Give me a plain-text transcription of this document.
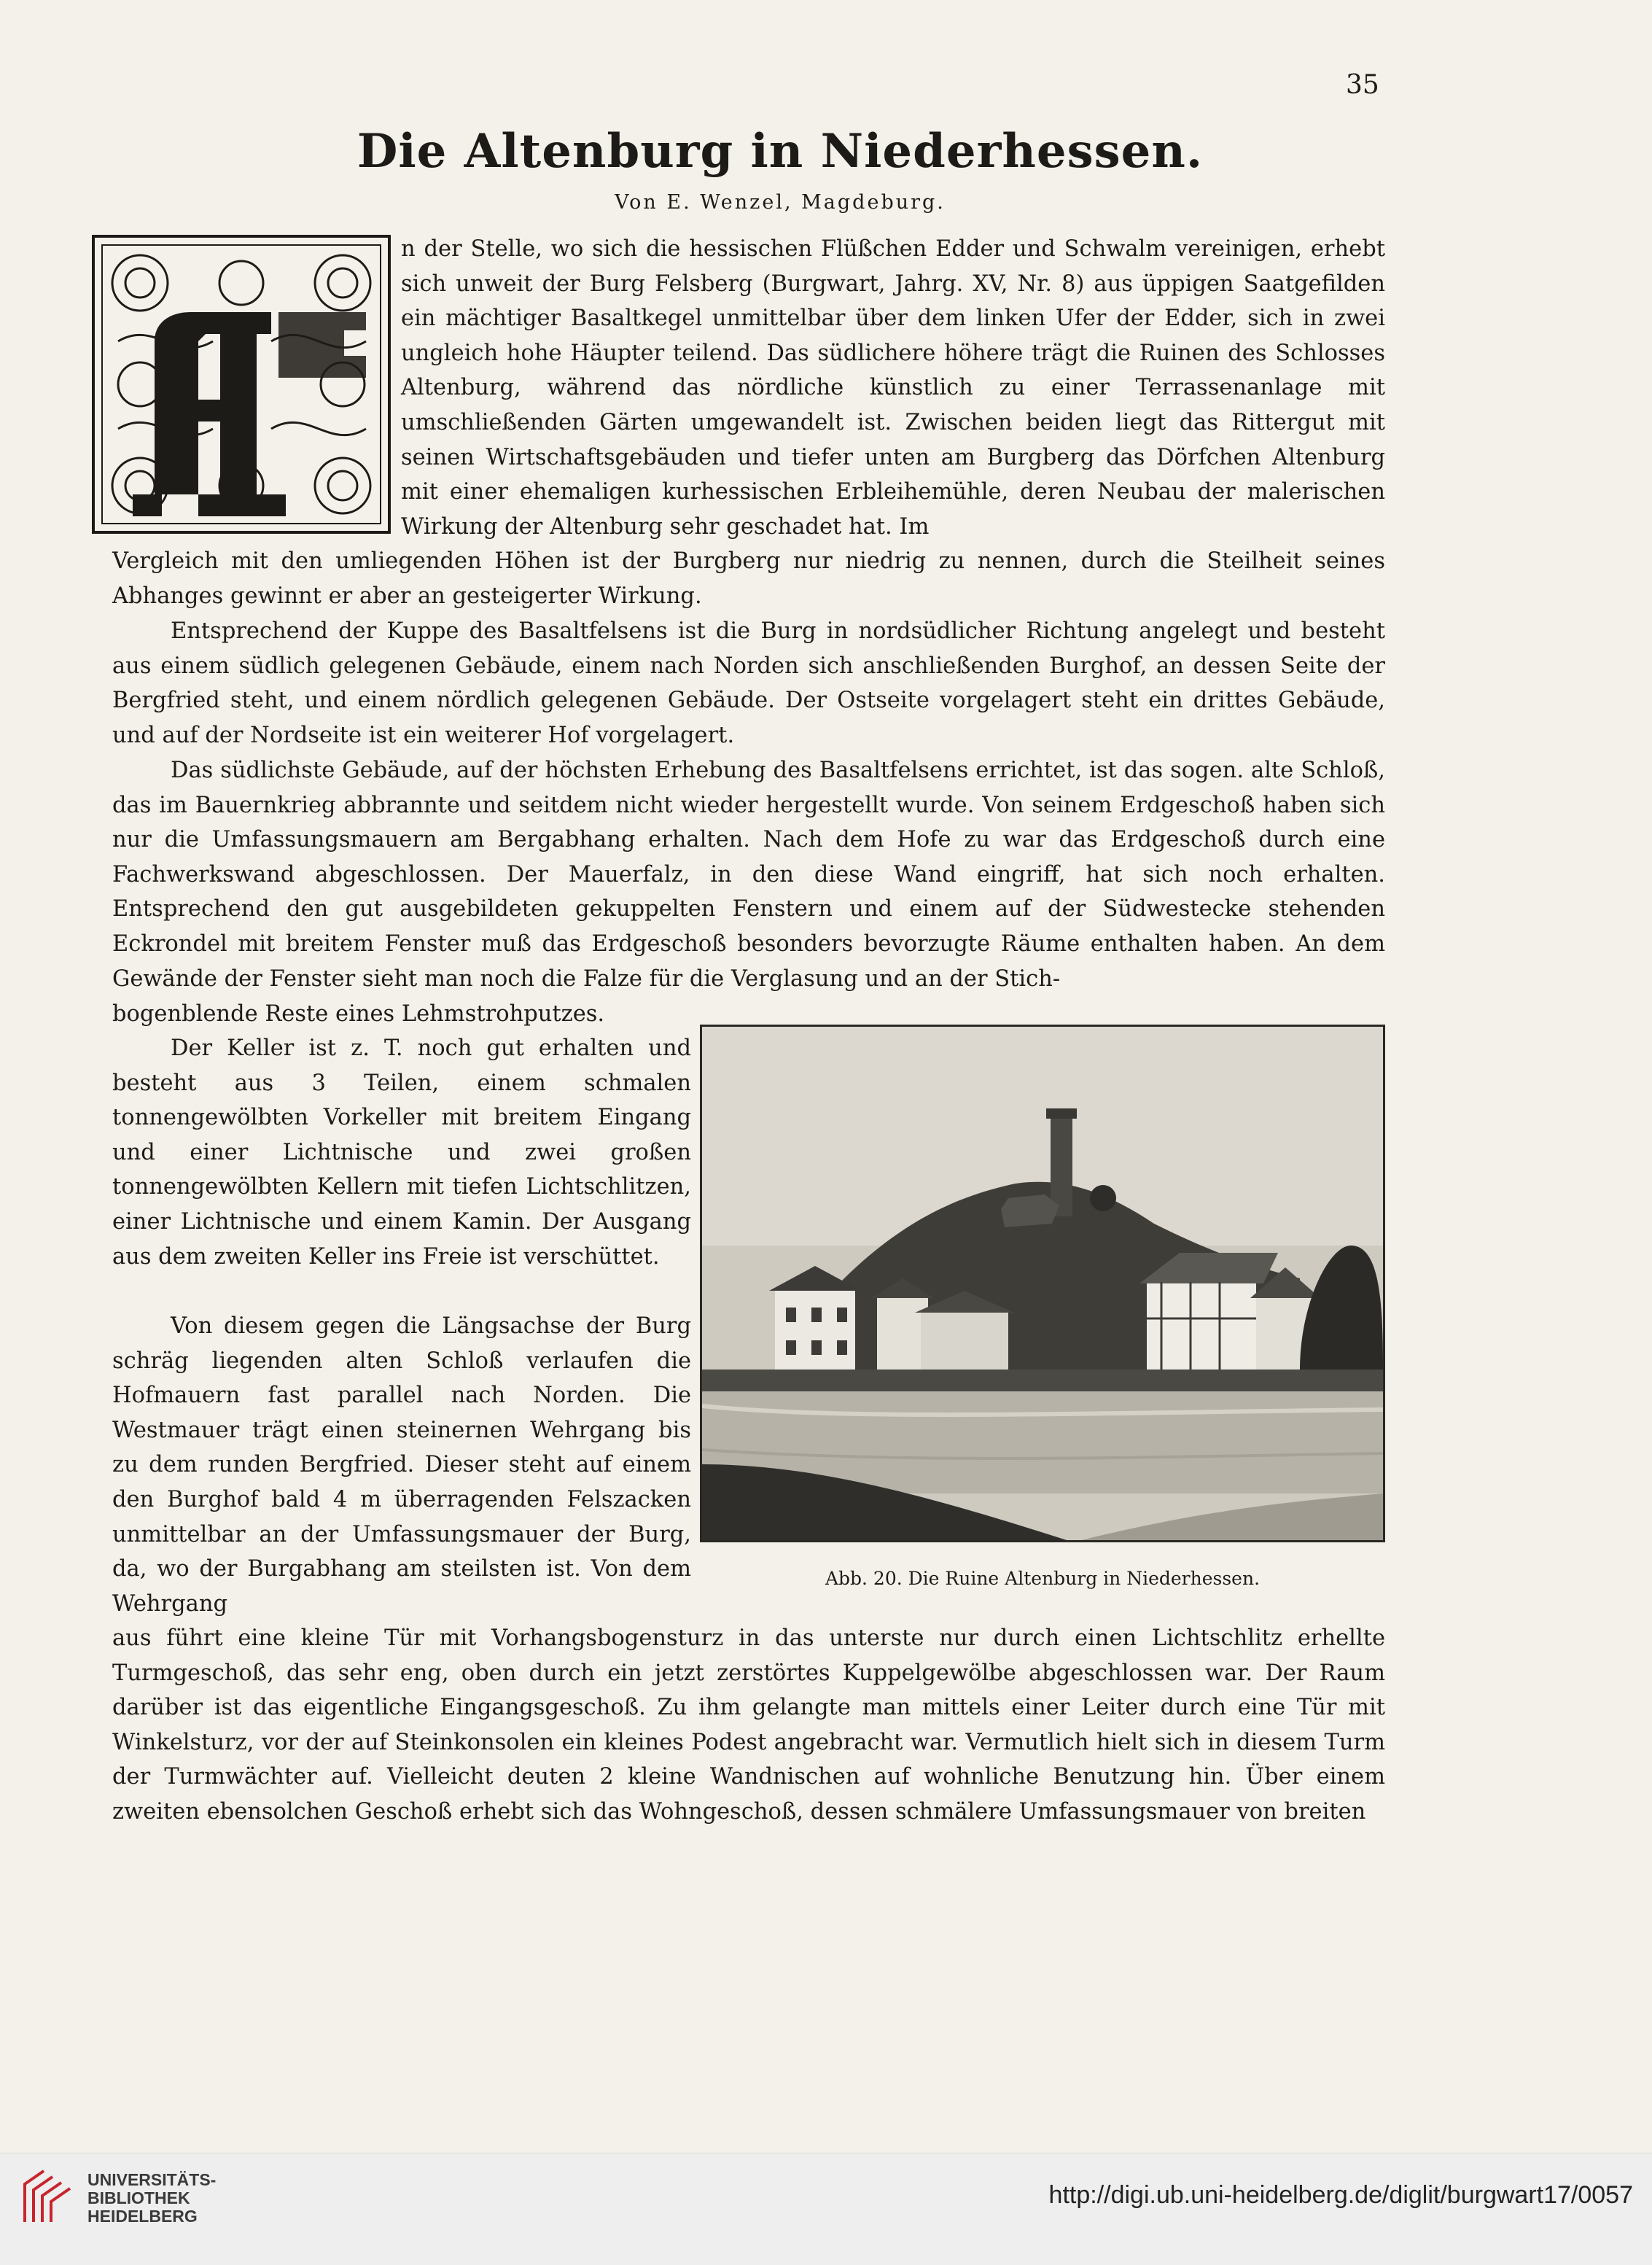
35
Die Altenburg in Niederhessen.
Von E. Wenzel, Magdeburg.

n der Stelle, wo sich die hessischen Flüßchen Edder und Schwalm vereinigen, erhebt sich unweit der Burg Felsberg (Burgwart, Jahrg. XV, Nr. 8) aus üppigen Saatgefilden ein mächtiger Basaltkegel unmittelbar über dem linken Ufer der Edder, sich in zwei ungleich hohe Häupter teilend. Das südlichere höhere trägt die Ruinen des Schlosses Altenburg, während das nördliche künstlich zu einer Terrassenanlage mit umschließenden Gärten umgewandelt ist. Zwischen beiden liegt das Rittergut mit seinen Wirtschaftsgebäuden und tiefer unten am Burgberg das Dörfchen Altenburg mit einer ehemaligen kurhessischen Erbleihemühle, deren Neubau der malerischen Wirkung der Altenburg sehr geschadet hat. Im

Vergleich mit den umliegenden Höhen ist der Burgberg nur niedrig zu nennen, durch die Steilheit seines Abhanges gewinnt er aber an gesteigerter Wirkung.

Entsprechend der Kuppe des Basaltfelsens ist die Burg in nordsüdlicher Richtung angelegt und besteht aus einem südlich gelegenen Gebäude, einem nach Norden sich anschließenden Burghof, an dessen Seite der Bergfried steht, und einem nördlich gelegenen Gebäude. Der Ostseite vorgelagert steht ein drittes Gebäude, und auf der Nordseite ist ein weiterer Hof vorgelagert.

Das südlichste Gebäude, auf der höchsten Erhebung des Basaltfelsens errichtet, ist das sogen. alte Schloß, das im Bauernkrieg abbrannte und seitdem nicht wieder hergestellt wurde. Von seinem Erdgeschoß haben sich nur die Umfassungsmauern am Bergabhang erhalten. Nach dem Hofe zu war das Erdgeschoß durch eine Fachwerkswand abgeschlossen. Der Mauerfalz, in den diese Wand eingriff, hat sich noch erhalten. Entsprechend den gut ausgebildeten gekuppelten Fenstern und einem auf der Südwestecke stehenden Eckrondel mit breitem Fenster muß das Erdgeschoß besonders bevorzugte Räume enthalten haben. An dem Gewände der Fenster sieht man noch die Falze für die Verglasung und an der Stich-

bogenblende Reste eines Lehmstrohputzes.

Der Keller ist z. T. noch gut erhalten und besteht aus 3 Teilen, einem schmalen tonnengewölbten Vorkeller mit breitem Eingang und einer Lichtnische und zwei großen tonnengewölbten Kellern mit tiefen Lichtschlitzen, einer Lichtnische und einem Kamin. Der Ausgang aus dem zweiten Keller ins Freie ist verschüttet.

Von diesem gegen die Längsachse der Burg schräg liegenden alten Schloß verlaufen die Hofmauern fast parallel nach Norden. Die Westmauer trägt einen steinernen Wehrgang bis zu dem runden Bergfried. Dieser steht auf einem den Burghof bald 4 m überragenden Felszacken unmittelbar an der Umfassungsmauer der Burg, da, wo der Burgabhang am steilsten ist. Von dem Wehrgang

aus führt eine kleine Tür mit Vorhangsbogensturz in das unterste nur durch einen Lichtschlitz erhellte Turmgeschoß, das sehr eng, oben durch ein jetzt zerstörtes Kuppelgewölbe abgeschlossen war. Der Raum darüber ist das eigentliche Eingangsgeschoß. Zu ihm gelangte man mittels einer Leiter durch eine Tür mit Winkelsturz, vor der auf Steinkonsolen ein kleines Podest angebracht war. Vermutlich hielt sich in diesem Turm der Turmwächter auf. Vielleicht deuten 2 kleine Wandnischen auf wohnliche Benutzung hin. Über einem zweiten ebensolchen Geschoß erhebt sich das Wohngeschoß, dessen schmälere Umfassungsmauer von breiten

Abb. 20. Die Ruine Altenburg in Niederhessen.
UNIVERSITÄTS-
BIBLIOTHEK
HEIDELBERG
http://digi.ub.uni-heidelberg.de/diglit/burgwart17/0057
